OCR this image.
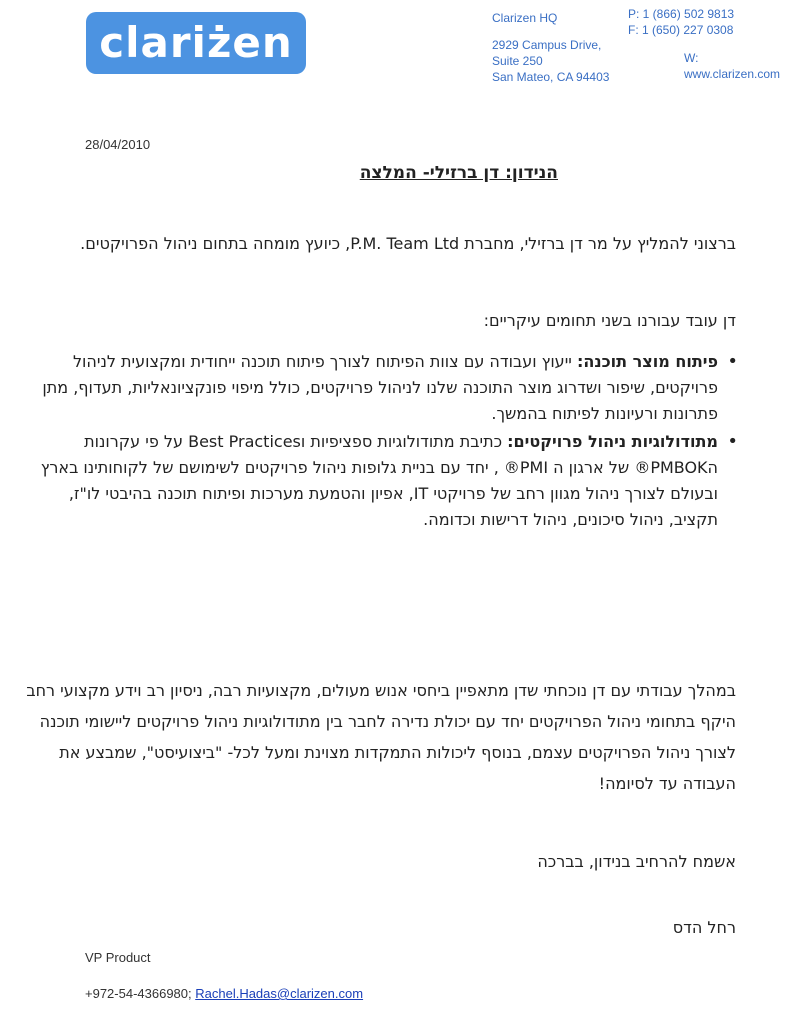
clariżen	Clarizen HQ
2929 Campus Drive,
Suite 250
San Mateo, CA 94403
P: 1 (866) 502 9813
F: 1 (650) 227 0308
W:
www.clarizen.com
28/04/2010
הנידון: דן ברזילי- המלצה
ברצוני להמליץ על מר דן ברזילי, מחברת P.M. Team Ltd, כיועץ מומחה בתחום ניהול הפרויקטים.
דן עובד עבורנו בשני תחומים עיקריים:
•
פיתוח מוצר תוכנה: ייעוץ ועבודה עם צוות הפיתוח לצורך פיתוח תוכנה ייחודית ומקצועית לניהול פרויקטים, שיפור ושדרוג מוצר התוכנה שלנו לניהול פרויקטים, כולל מיפוי פונקציונאליות, תעדוף, מתן פתרונות ורעיונות לפיתוח בהמשך.
•
מתודולוגיות ניהול פרויקטים: כתיבת מתודולוגיות ספציפיות וBest Practices על פי עקרונות הPMBOK® של ארגון ה PMI® , יחד עם בניית גלופות ניהול פרויקטים לשימושם של לקוחותינו בארץ ובעולם לצורך ניהול מגוון רחב של פרויקטי IT, אפיון והטמעת מערכות ופיתוח תוכנה בהיבטי לו"ז, תקציב, ניהול סיכונים, ניהול דרישות וכדומה.
במהלך עבודתי עם דן נוכחתי שדן מתאפיין ביחסי אנוש מעולים, מקצועיות רבה, ניסיון רב וידע מקצועי רחב היקף בתחומי ניהול הפרויקטים יחד עם יכולת נדירה לחבר בין מתודולוגיות ניהול פרויקטים ליישומי תוכנה לצורך ניהול הפרויקטים עצמם, בנוסף ליכולות התמקדות מצוינת ומעל לכל- "ביצועיסט", שמבצע את העבודה עד לסיומה!
אשמח להרחיב בנידון, בברכה
רחל הדס
VP Product
+972-54-4366980; Rachel.Hadas@clarizen.com
